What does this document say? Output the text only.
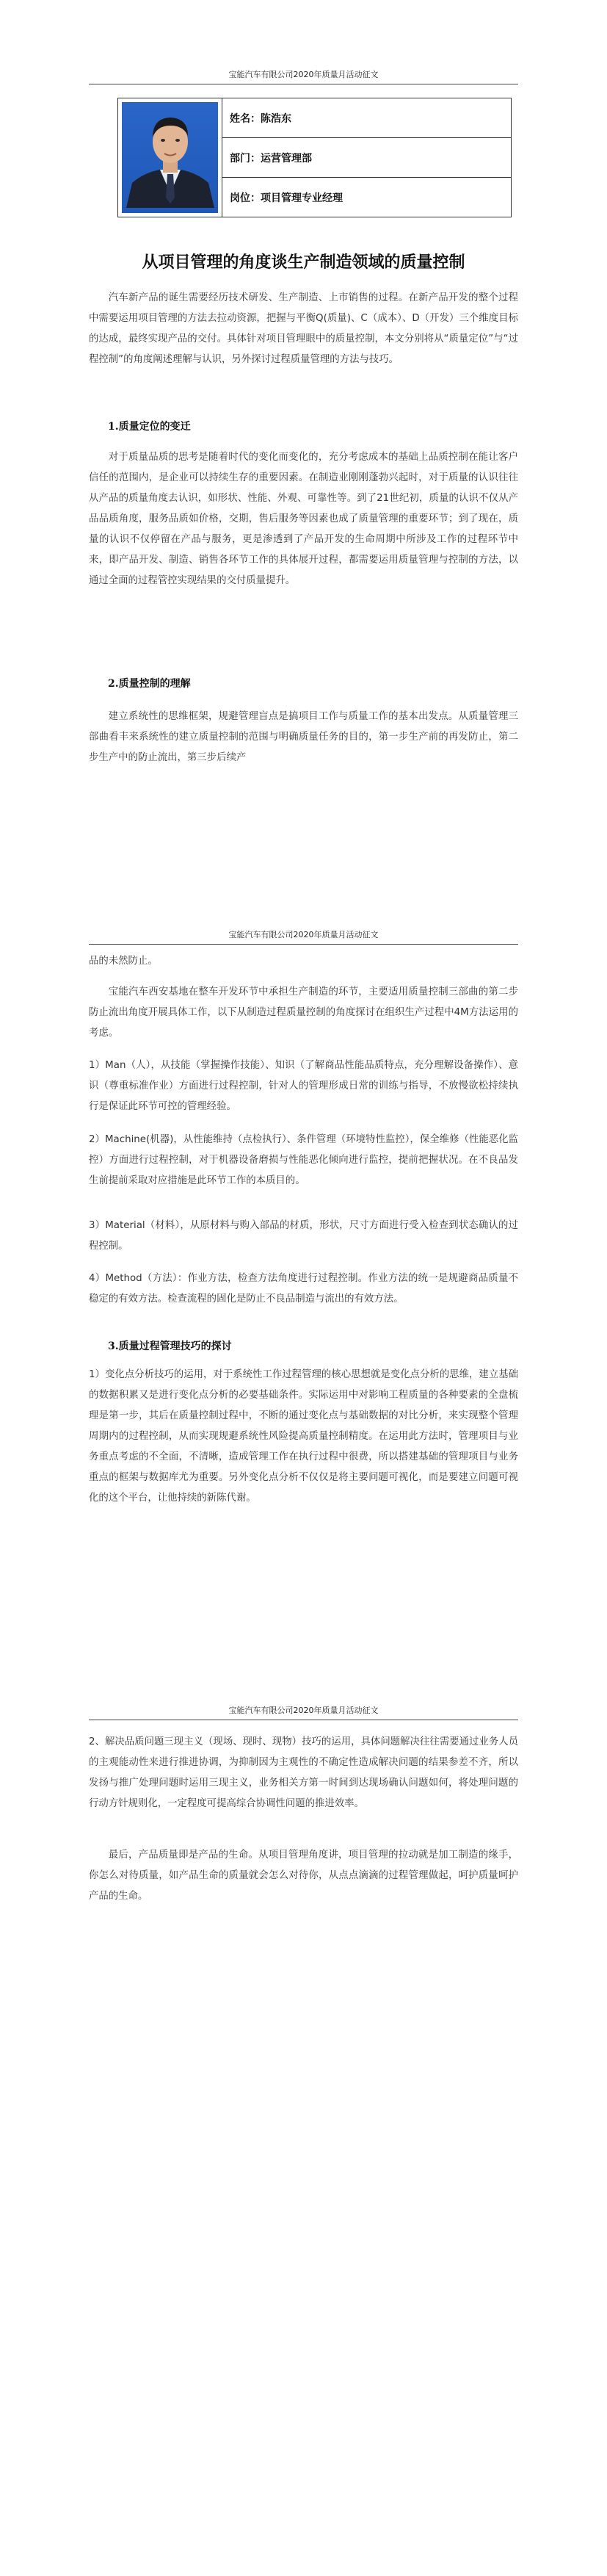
宝能汽车有限公司2020年质量月活动征文
	姓名：陈浩东
部门：运营管理部
岗位：项目管理专业经理
从项目管理的角度谈生产制造领域的质量控制

汽车新产品的诞生需要经历技术研发、生产制造、上市销售的过程。在新产品开发的整个过程中需要运用项目管理的方法去拉动资源，把握与平衡Q(质量)、C（成本）、D（开发）三个维度目标的达成，最终实现产品的交付。具体针对项目管理眼中的质量控制，本文分别将从“质量定位”与“过程控制”的角度阐述理解与认识，另外探讨过程质量管理的方法与技巧。

1.质量定位的变迁

对于质量品质的思考是随着时代的变化而变化的，充分考虑成本的基础上品质控制在能让客户信任的范围内，是企业可以持续生存的重要因素。在制造业刚刚蓬勃兴起时，对于质量的认识往往从产品的质量角度去认识，如形状、性能、外观、可靠性等。到了21世纪初，质量的认识不仅从产品品质角度，服务品质如价格，交期，售后服务等因素也成了质量管理的重要环节；到了现在，质量的认识不仅停留在产品与服务，更是渗透到了产品开发的生命周期中所涉及工作的过程环节中来，即产品开发、制造、销售各环节工作的具体展开过程，都需要运用质量管理与控制的方法，以通过全面的过程管控实现结果的交付质量提升。

2.质量控制的理解

建立系统性的思维框架，规避管理盲点是搞项目工作与质量工作的基本出发点。从质量管理三部曲看丰来系统性的建立质量控制的范围与明确质量任务的目的，第一步生产前的再发防止，第二步生产中的防止流出，第三步后续产

宝能汽车有限公司2020年质量月活动征文

品的未然防止。

宝能汽车西安基地在整车开发环节中承担生产制造的环节，主要适用质量控制三部曲的第二步防止流出角度开展具体工作，以下从制造过程质量控制的角度探讨在组织生产过程中4M方法运用的考虑。

1）Man（人），从技能（掌握操作技能）、知识（了解商品性能品质特点，充分理解设备操作）、意识（尊重标准作业）方面进行过程控制，针对人的管理形成日常的训练与指导，不放慢欲松持续执行是保证此环节可控的管理经验。

2）Machine(机器)，从性能维持（点检执行）、条件管理（环境特性监控），保全维修（性能恶化监控）方面进行过程控制，对于机器设备磨损与性能恶化倾向进行监控，提前把握状况。在不良品发生前提前采取对应措施是此环节工作的本质目的。

3）Material（材料），从原材料与购入部品的材质，形状，尺寸方面进行受入检查到状态确认的过程控制。

4）Method（方法）：作业方法，检查方法角度进行过程控制。作业方法的统一是规避商品质量不稳定的有效方法。检查流程的固化是防止不良品制造与流出的有效方法。

3.质量过程管理技巧的探讨

1）变化点分析技巧的运用，对于系统性工作过程管理的核心思想就是变化点分析的思维，建立基础的数据积累又是进行变化点分析的必要基础条件。实际运用中对影响工程质量的各种要素的全盘梳理是第一步，其后在质量控制过程中，不断的通过变化点与基础数据的对比分析，来实现整个管理周期内的过程控制，从而实现规避系统性风险提高质量控制精度。在运用此方法时，管理项目与业务重点考虑的不全面，不清晰，造成管理工作在执行过程中很费，所以搭建基础的管理项目与业务重点的框架与数据库尤为重要。另外变化点分析不仅仅是将主要问题可视化，而是要建立问题可视化的这个平台，让他持续的新陈代谢。

宝能汽车有限公司2020年质量月活动征文

2、解决品质问题三现主义（现场、现时、现物）技巧的运用，具体问题解决往往需要通过业务人员的主观能动性来进行推进协调，为抑制因为主观性的不确定性造成解决问题的结果参差不齐，所以发扬与推广处理问题时运用三现主义，业务相关方第一时间到达现场确认问题如何，将处理问题的行动方针规则化，一定程度可提高综合协调性问题的推进效率。

最后，产品质量即是产品的生命。从项目管理角度讲，项目管理的拉动就是加工制造的缘手，你怎么对待质量，如产品生命的质量就会怎么对待你，从点点滴滴的过程管理做起，呵护质量呵护产品的生命。
